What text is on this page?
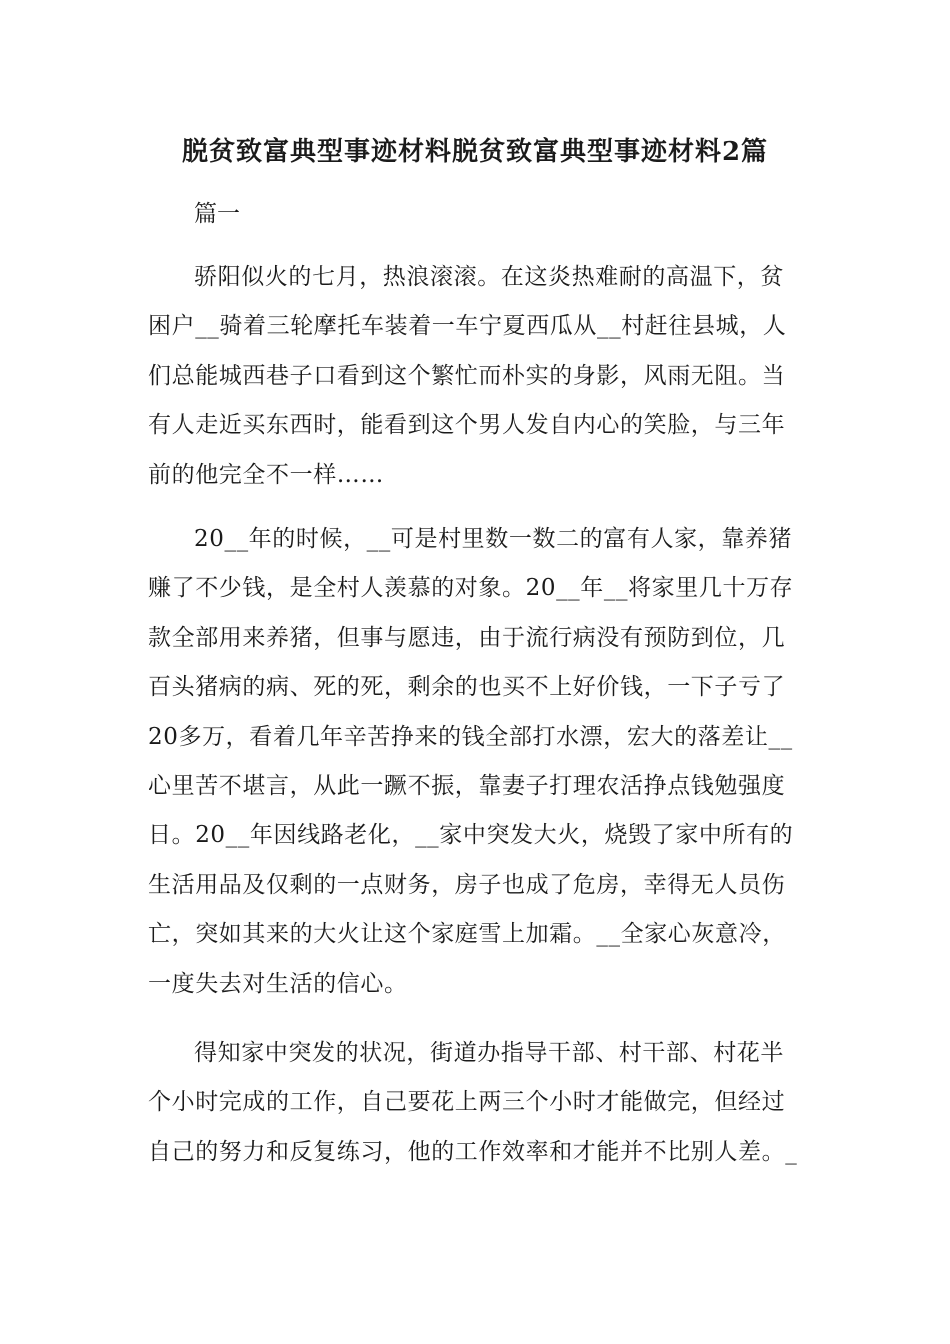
脱贫致富典型事迹材料脱贫致富典型事迹材料2篇

篇一

骄阳似火的七月，热浪滚滚。在这炎热难耐的高温下，贫
困户__骑着三轮摩托车装着一车宁夏西瓜从__村赶往县城，人
们总能城西巷子口看到这个繁忙而朴实的身影，风雨无阻。当
有人走近买东西时，能看到这个男人发自内心的笑脸，与三年
前的他完全不一样……

20__年的时候，__可是村里数一数二的富有人家，靠养猪
赚了不少钱，是全村人羡慕的对象。20__年__将家里几十万存
款全部用来养猪，但事与愿违，由于流行病没有预防到位，几
百头猪病的病、死的死，剩余的也买不上好价钱，一下子亏了
20多万，看着几年辛苦挣来的钱全部打水漂，宏大的落差让__
心里苦不堪言，从此一蹶不振，靠妻子打理农活挣点钱勉强度
日。20__年因线路老化，__家中突发大火，烧毁了家中所有的
生活用品及仅剩的一点财务，房子也成了危房，幸得无人员伤
亡，突如其来的大火让这个家庭雪上加霜。__全家心灰意冷，
一度失去对生活的信心。

得知家中突发的状况，街道办指导干部、村干部、村花半
个小时完成的工作，自己要花上两三个小时才能做完，但经过
自己的努力和反复练习，他的工作效率和才能并不比别人差。_
